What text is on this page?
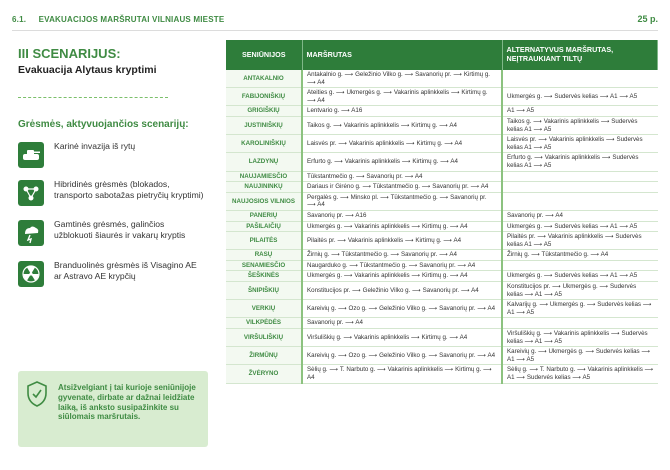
6.1. EVAKUACIJOS MARŠRUTAI VILNIAUS MIESTE	25 p.
III SCENARIJUS:
Evakuacija Alytaus kryptimi
Grėsmės, aktyvuojančios scenarijų:
Karinė invazija iš rytų
Hibridinės grėsmės (blokados, transporto sabotažas pietryčių kryptimi)
Gamtinės grėsmės, galinčios užblokuoti šiaurės ir vakarų kryptis
Branduolinės grėsmės iš Visagino AE ar Astravo AE krypčių
Atsižvelgiant į tai kurioje seniūnijoje gyvenate, dirbate ar dažnai leidžiate laiką, iš anksto susipažinkite su siūlomais maršrutais.
SENIŪNIJOS	MARŠRUTAS	ALTERNATYVUS MARŠRUTAS, NEĮTRAUKIANT TILTŲ
ANTAKALNIO	Antakalnio g. ⟶ Geležinio Vilko g. ⟶ Savanorių pr. ⟶ Kirtimų g. ⟶ A4	
FABIJONIŠKIŲ	Ateities g. ⟶ Ukmergės g. ⟶ Vakarinis aplinkkelis ⟶ Kirtimų g. ⟶ A4	Ukmergės g. ⟶ Sudervės kelias ⟶ A1 ⟶ A5
GRIGIŠKIŲ	Lentvario g. ⟶ A16	A1 ⟶ A5
JUSTINIŠKIŲ	Taikos g. ⟶ Vakarinis aplinkkelis ⟶ Kirtimų g. ⟶ A4	Taikos g. ⟶ Vakarinis aplinkkelis ⟶ Sudervės kelias A1 ⟶ A5
KAROLINIŠKIŲ	Laisvės pr. ⟶ Vakarinis aplinkkelis ⟶ Kirtimų g. ⟶ A4	Laisvės pr. ⟶ Vakarinis aplinkkelis ⟶ Sudervės kelias A1 ⟶ A5
LAZDYNŲ	Erfurto g. ⟶ Vakarinis aplinkkelis ⟶ Kirtimų g. ⟶ A4	Erfurto g. ⟶ Vakarinis aplinkkelis ⟶ Sudervės kelias A1 ⟶ A5
NAUJAMIESČIO	Tūkstantmečio g. ⟶ Savanorių pr. ⟶ A4	
NAUJININKŲ	Dariaus ir Girėno g. ⟶ Tūkstantmečio g. ⟶ Savanorių pr. ⟶ A4	
NAUJOSIOS VILNIOS	Pergalės g. ⟶ Minsko pl. ⟶ Tūkstantmečio g. ⟶ Savanorių pr. ⟶ A4	
PANERIŲ	Savanorių pr. ⟶ A16	Savanorių pr. ⟶ A4
PAŠILAIČIŲ	Ukmergės g. ⟶ Vakarinis aplinkkelis ⟶ Kirtimų g. ⟶ A4	Ukmergės g. ⟶ Sudervės kelias ⟶ A1 ⟶ A5
PILAITĖS	Pilaitės pr. ⟶ Vakarinis aplinkkelis ⟶ Kirtimų g. ⟶ A4	Pilaitės pr. ⟶ Vakarinis aplinkkelis ⟶ Sudervės kelias A1 ⟶ A5
RASŲ	Žirnių g. ⟶ Tūkstantmečio g. ⟶ Savanorių pr. ⟶ A4	Žirnių g. ⟶ Tūkstantmečio g. ⟶ A4
SENAMIESČIO	Naugarduko g. ⟶ Tūkstantmečio g. ⟶ Savanorių pr. ⟶ A4	
ŠEŠKINĖS	Ukmergės g. ⟶ Vakarinis aplinkkelis ⟶ Kirtimų g. ⟶ A4	Ukmergės g. ⟶ Sudervės kelias ⟶ A1 ⟶ A5
ŠNIPIŠKIŲ	Konstitucijos pr. ⟶ Geležinio Vilko g. ⟶ Savanorių pr. ⟶ A4	Konstitucijos pr. ⟶ Ukmergės g. ⟶ Sudervės kelias ⟶ A1 ⟶ A5
VERKIŲ	Kareivių g. ⟶ Ozo g. ⟶ Geležinio Vilko g. ⟶ Savanorių pr. ⟶ A4	Kalvarijų g. ⟶ Ukmergės g. ⟶ Sudervės kelias ⟶ A1 ⟶ A5
VILKPĖDĖS	Savanorių pr. ⟶ A4	
VIRŠULIŠKIŲ	Viršuliškių g. ⟶ Vakarinis aplinkkelis ⟶ Kirtimų g. ⟶ A4	Viršuliškių g. ⟶ Vakarinis aplinkkelis ⟶ Sudervės kelias ⟶ A1 ⟶ A5
ŽIRMŪNŲ	Kareivių g. ⟶ Ozo g. ⟶ Geležinio Vilko g. ⟶ Savanorių pr. ⟶ A4	Kareivių g. ⟶ Ukmergės g. ⟶ Sudervės kelias ⟶ A1 ⟶ A5
ŽVĖRYNO	Sėlių g. ⟶ T. Narbuto g. ⟶ Vakarinis aplinkkelis ⟶ Kirtimų g. ⟶ A4	Sėlių g. ⟶ T. Narbuto g. ⟶ Vakarinis aplinkkelis ⟶ A1 ⟶ Sudervės kelias ⟶ A5
